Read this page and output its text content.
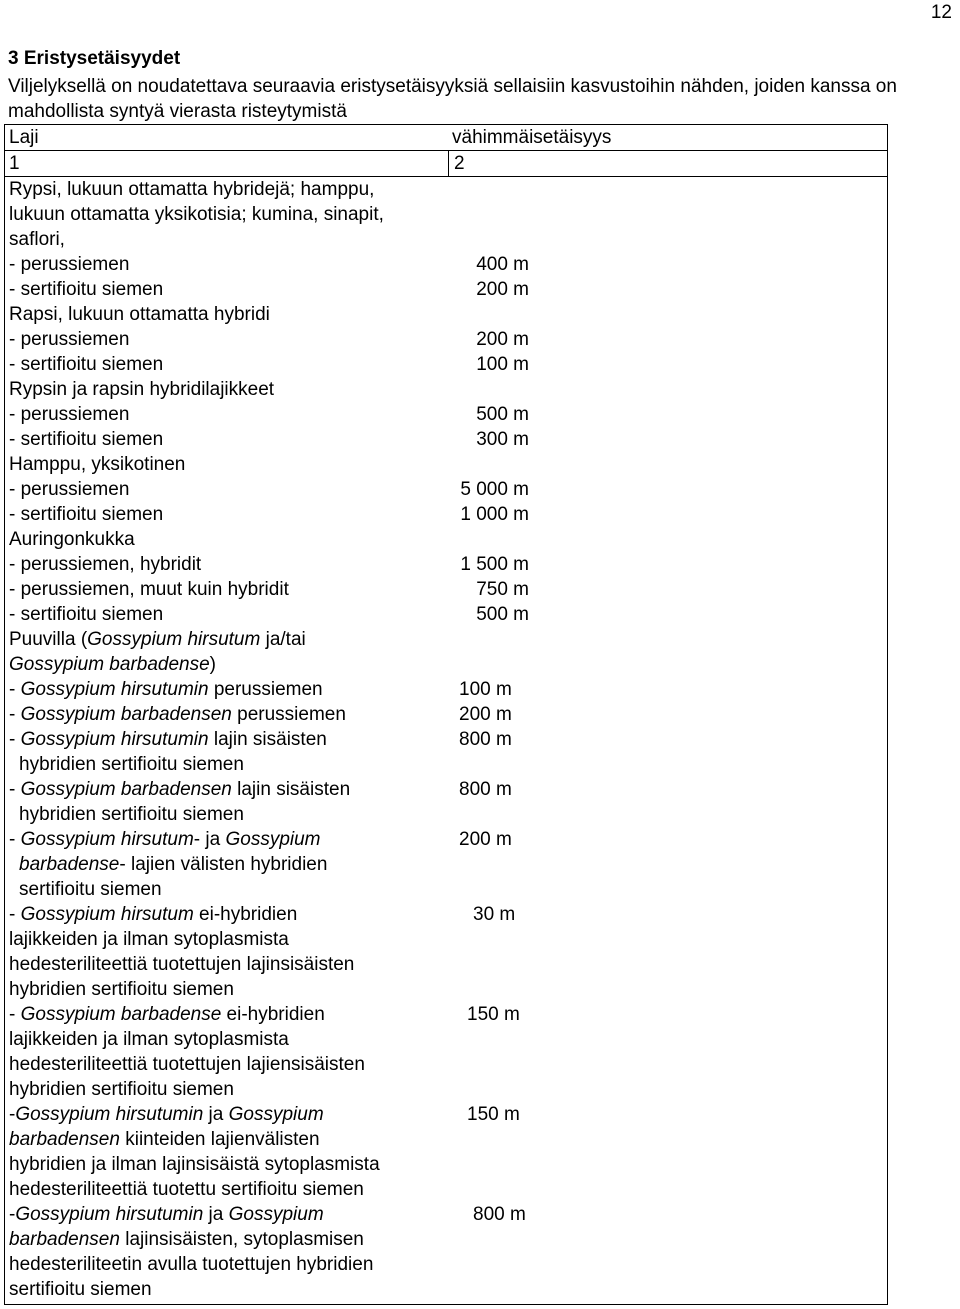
12
3 Eristysetäisyydet
Viljelyksellä on noudatettava seuraavia eristysetäisyyksiä sellaisiin kasvustoihin nähden, joiden kanssa on mahdollista syntyä vierasta risteytymistä
Laji	vähimmäisetäisyys
1	2
Rypsi, lukuun ottamatta hybridejä; hamppu,
lukuun ottamatta yksikotisia; kumina, sinapit,
saflori,
- perussiemen	400 m
- sertifioitu siemen	200 m
Rapsi, lukuun ottamatta hybridi
- perussiemen	200 m
- sertifioitu siemen	100 m
Rypsin ja rapsin hybridilajikkeet
- perussiemen	500 m
- sertifioitu siemen	300 m
Hamppu, yksikotinen
- perussiemen	5 000 m
- sertifioitu siemen	1 000 m
Auringonkukka
- perussiemen, hybridit	1 500 m
- perussiemen, muut kuin hybridit	750 m
- sertifioitu siemen	500 m
Puuvilla (Gossypium hirsutum ja/tai
Gossypium barbadense)
- Gossypium hirsutumin perussiemen	100 m
- Gossypium barbadensen perussiemen	200 m
- Gossypium hirsutumin lajin sisäisten	800 m
hybridien sertifioitu siemen
- Gossypium barbadensen lajin sisäisten	800 m
hybridien sertifioitu siemen
- Gossypium hirsutum- ja Gossypium	200 m
barbadense- lajien välisten hybridien
sertifioitu siemen
- Gossypium hirsutum ei-hybridien	30 m
lajikkeiden ja ilman sytoplasmista
hedesteriliteettiä tuotettujen lajinsisäisten
hybridien sertifioitu siemen
- Gossypium barbadense ei-hybridien	150 m
lajikkeiden ja ilman sytoplasmista
hedesteriliteettiä tuotettujen lajiensisäisten
hybridien sertifioitu siemen
-Gossypium hirsutumin ja Gossypium	150 m
barbadensen kiinteiden lajienvälisten
hybridien ja ilman lajinsisäistä sytoplasmista
hedesteriliteettiä tuotettu sertifioitu siemen
-Gossypium hirsutumin ja Gossypium	800 m
barbadensen lajinsisäisten, sytoplasmisen
hedesteriliteetin avulla tuotettujen hybridien
sertifioitu siemen
